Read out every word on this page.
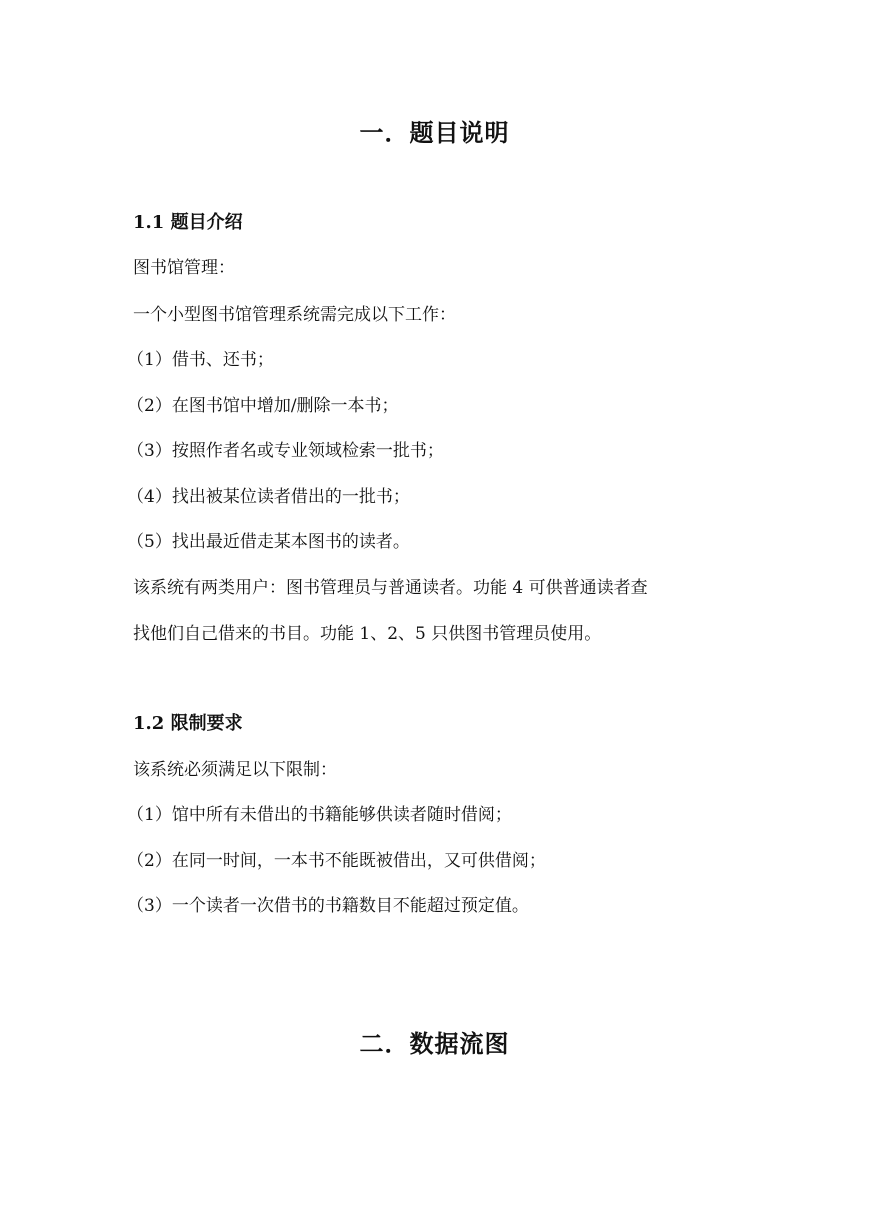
一．题目说明
1.1 题目介绍
图书馆管理：
一个小型图书馆管理系统需完成以下工作：
（1）借书、还书；
（2）在图书馆中增加/删除一本书；
（3）按照作者名或专业领域检索一批书；
（4）找出被某位读者借出的一批书；
（5）找出最近借走某本图书的读者。
该系统有两类用户：图书管理员与普通读者。功能 4 可供普通读者查
找他们自己借来的书目。功能 1、2、5 只供图书管理员使用。
1.2 限制要求
该系统必须满足以下限制：
（1）馆中所有未借出的书籍能够供读者随时借阅；
（2）在同一时间，一本书不能既被借出，又可供借阅；
（3）一个读者一次借书的书籍数目不能超过预定值。
二．数据流图
